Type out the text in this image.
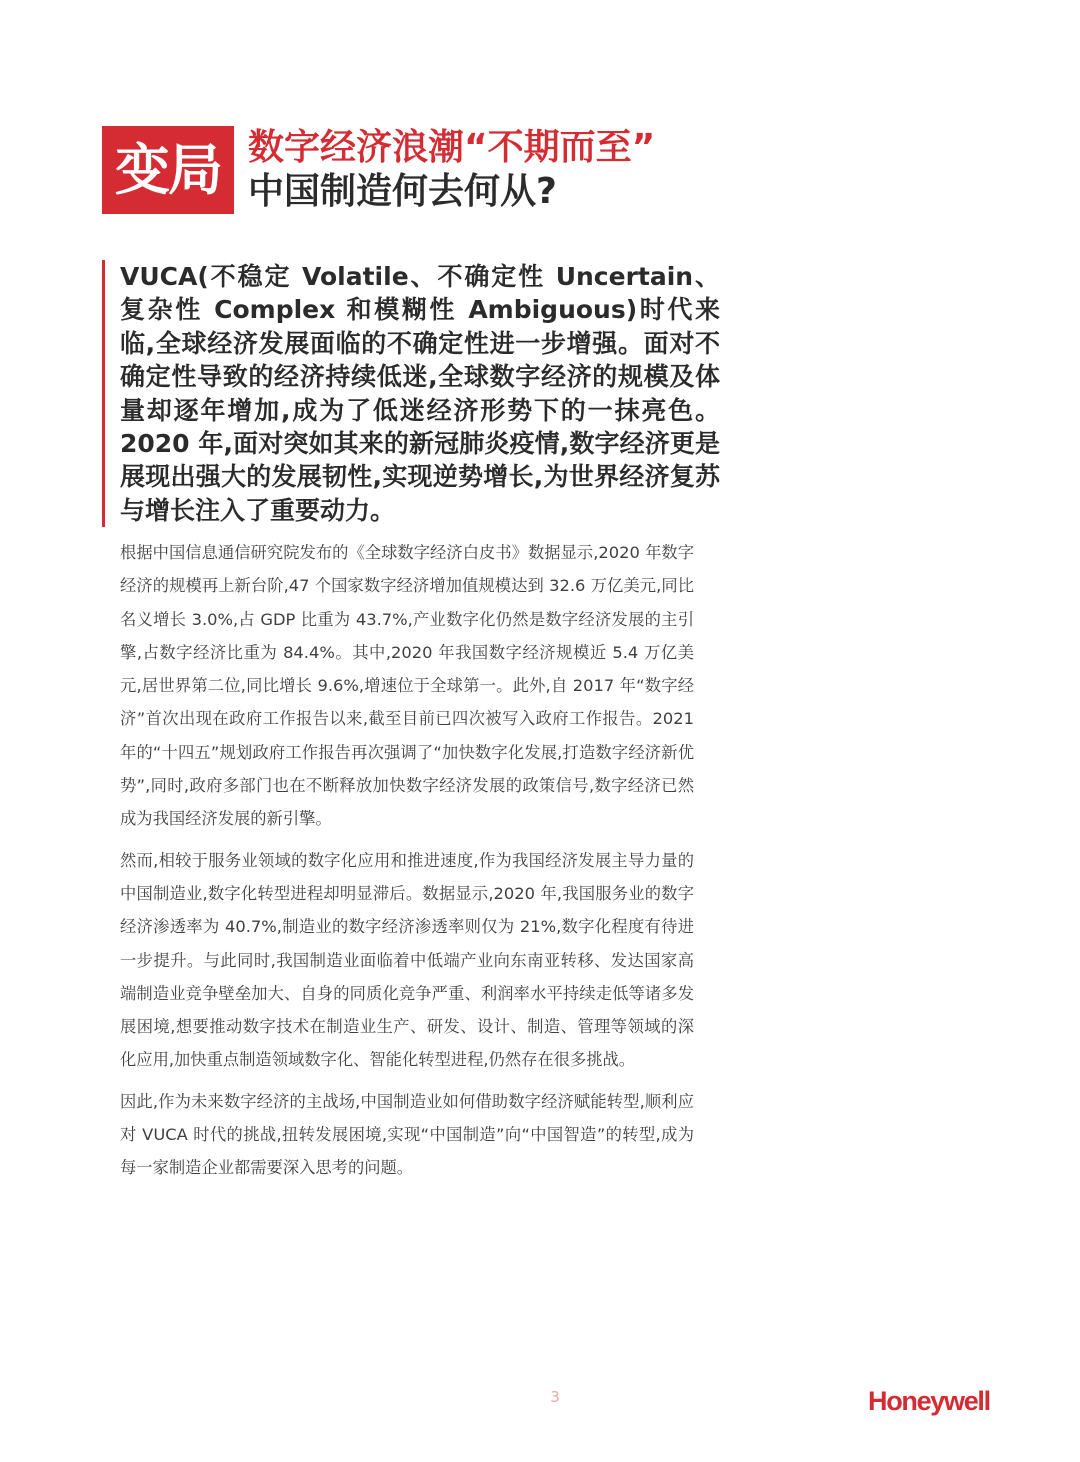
变局 数字经济浪潮“不期而至”
中国制造何去何从?
VUCA(不稳定 Volatile、不确定性 Uncertain、复杂性 Complex 和模糊性 Ambiguous)时代来临,全球经济发展面临的不确定性进一步增强。面对不确定性导致的经济持续低迷,全球数字经济的规模及体量却逐年增加,成为了低迷经济形势下的一抹亮色。2020 年,面对突如其来的新冠肺炎疫情,数字经济更是展现出强大的发展韧性,实现逆势增长,为世界经济复苏与增长注入了重要动力。

根据中国信息通信研究院发布的《全球数字经济白皮书》数据显示,2020 年数字经济的规模再上新台阶,47 个国家数字经济增加值规模达到 32.6 万亿美元,同比名义增长 3.0%,占 GDP 比重为 43.7%,产业数字化仍然是数字经济发展的主引擎,占数字经济比重为 84.4%。其中,2020 年我国数字经济规模近 5.4 万亿美元,居世界第二位,同比增长 9.6%,增速位于全球第一。此外,自 2017 年“数字经济”首次出现在政府工作报告以来,截至目前已四次被写入政府工作报告。2021 年的“十四五”规划政府工作报告再次强调了“加快数字化发展,打造数字经济新优势”,同时,政府多部门也在不断释放加快数字经济发展的政策信号,数字经济已然成为我国经济发展的新引擎。

然而,相较于服务业领域的数字化应用和推进速度,作为我国经济发展主导力量的中国制造业,数字化转型进程却明显滞后。数据显示,2020 年,我国服务业的数字经济渗透率为 40.7%,制造业的数字经济渗透率则仅为 21%,数字化程度有待进一步提升。与此同时,我国制造业面临着中低端产业向东南亚转移、发达国家高端制造业竞争壁垒加大、自身的同质化竞争严重、利润率水平持续走低等诸多发展困境,想要推动数字技术在制造业生产、研发、设计、制造、管理等领域的深化应用,加快重点制造领域数字化、智能化转型进程,仍然存在很多挑战。

因此,作为未来数字经济的主战场,中国制造业如何借助数字经济赋能转型,顺利应对 VUCA 时代的挑战,扭转发展困境,实现“中国制造”向“中国智造”的转型,成为每一家制造企业都需要深入思考的问题。

3	Honeywell
